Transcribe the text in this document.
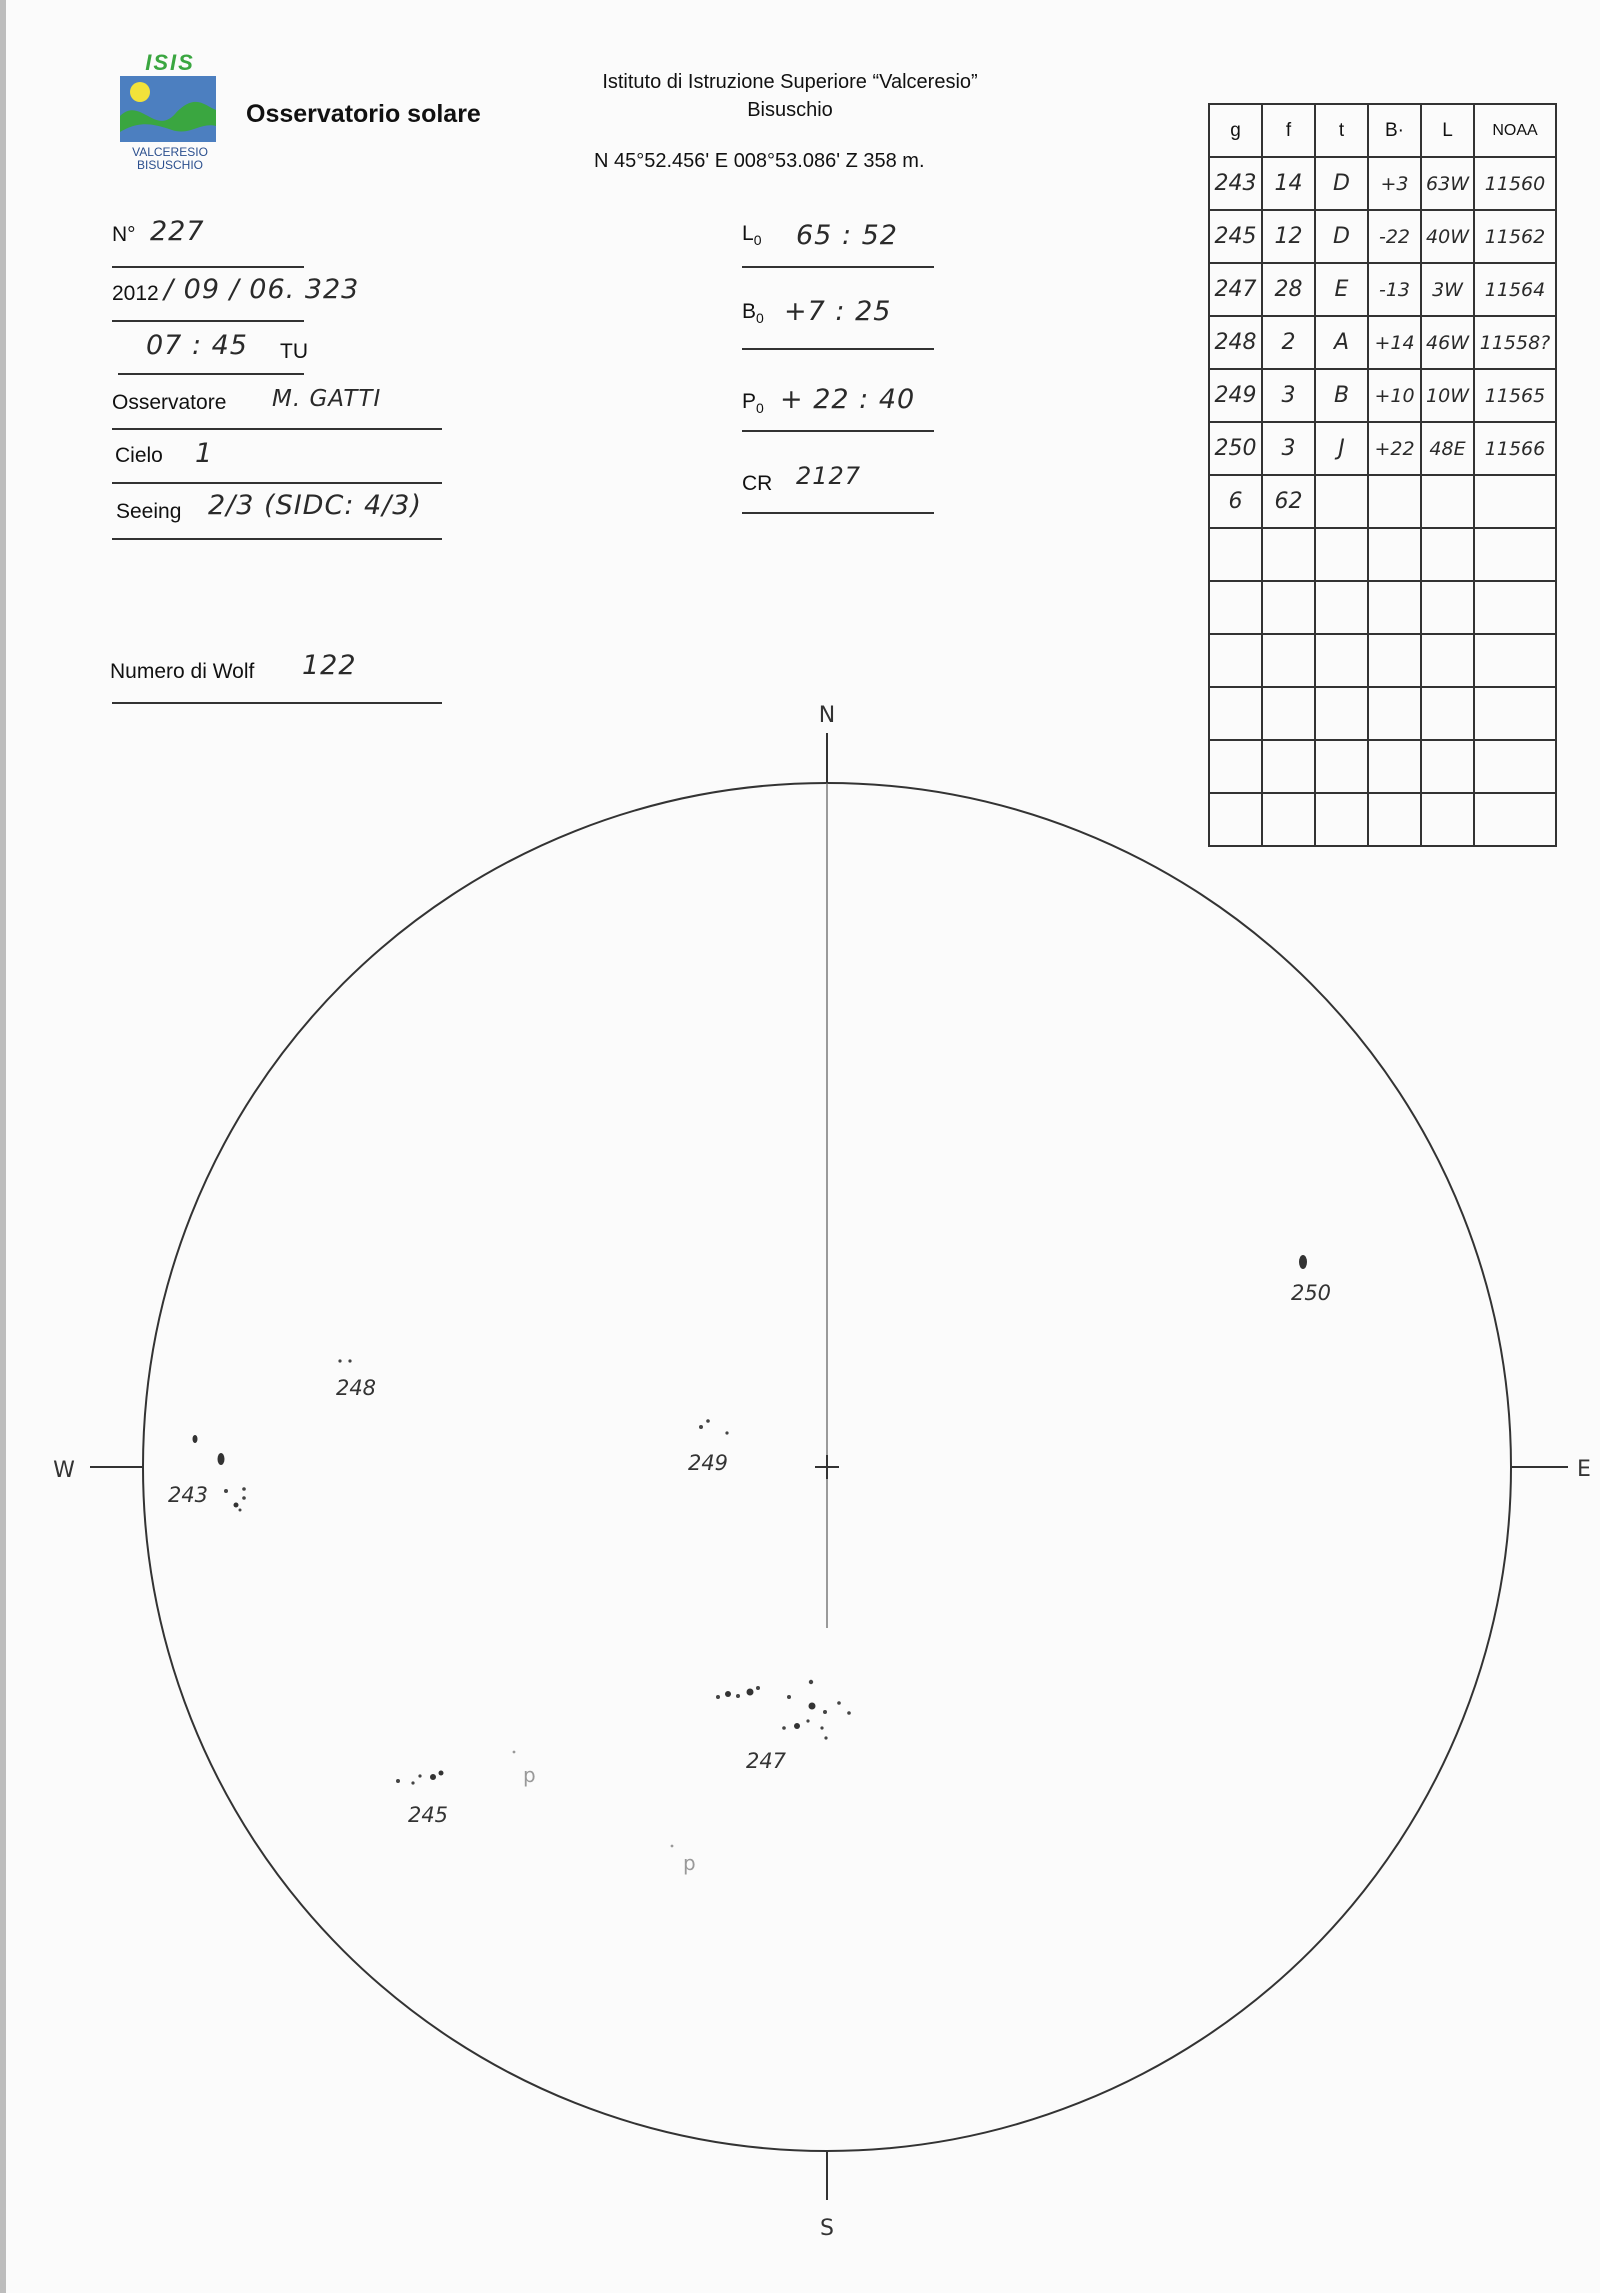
ISIS
VALCERESIO
BISUSCHIO
Osservatorio solare
Istituto di Istruzione Superiore “Valceresio”
Bisuschio
N 45°52.456' E 008°53.086' Z 358 m.
N° 227
2012 / 09 / 06. 323
07 : 45 TU
Osservatore M. GATTI
Cielo 1
Seeing 2/3 (SIDC: 4/3)
Numero di Wolf 122
$L_0$ 65 : 52
$B_0 +7$ : 25
$P_0 + 22$ : 40
CR 2127
g	f	t	B·	L	NOAA
243	14	D	+3	63W	11560
245	12	D	-22	40W	11562
247	28	E	-13	3W	11564
248	2	A	+14	46W	11558?
249	3	B	+10	10W	11565
250	3	J	+22	48E	11566
6	62				

N
S
W	E
243
248
249
250
247
245
p
p
